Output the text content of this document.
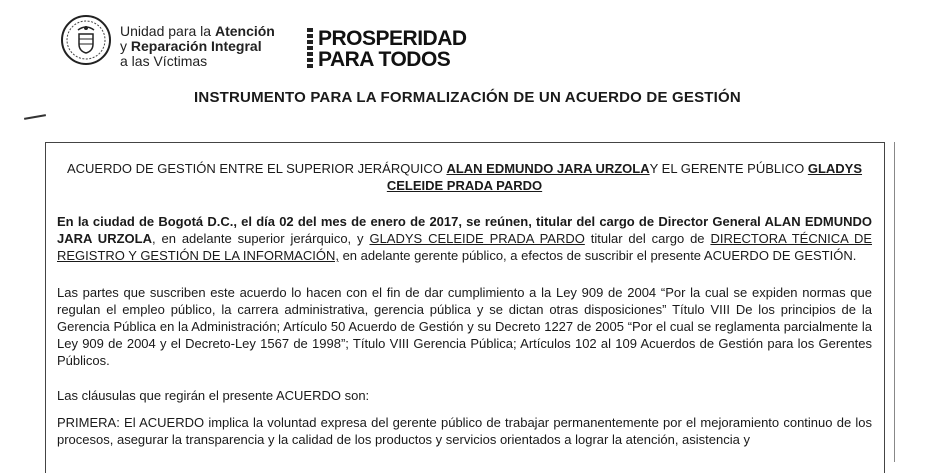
Unidad para la Atención
y Reparación Integral
a las Víctimas
PROSPERIDAD
PARA TODOS
INSTRUMENTO PARA LA FORMALIZACIÓN DE UN ACUERDO DE GESTIÓN
ACUERDO DE GESTIÓN ENTRE EL SUPERIOR JERÁRQUICO ALAN EDMUNDO JARA URZOLAY EL GERENTE PÚBLICO GLADYS CELEIDE PRADA PARDO
En la ciudad de Bogotá D.C., el día 02 del mes de enero de 2017, se reúnen, titular del cargo de Director General ALAN EDMUNDO JARA URZOLA, en adelante superior jerárquico, y GLADYS CELEIDE PRADA PARDO titular del cargo de DIRECTORA TÉCNICA DE REGISTRO Y GESTIÓN DE LA INFORMACIÓN, en adelante gerente público, a efectos de suscribir el presente ACUERDO DE GESTIÓN.
Las partes que suscriben este acuerdo lo hacen con el fin de dar cumplimiento a la Ley 909 de 2004 “Por la cual se expiden normas que regulan el empleo público, la carrera administrativa, gerencia pública y se dictan otras disposiciones” Título VIII De los principios de la Gerencia Pública en la Administración; Artículo 50 Acuerdo de Gestión y su Decreto 1227 de 2005 “Por el cual se reglamenta parcialmente la Ley 909 de 2004 y el Decreto-Ley 1567 de 1998”; Título VIII Gerencia Pública; Artículos 102 al 109 Acuerdos de Gestión para los Gerentes Públicos.
Las cláusulas que regirán el presente ACUERDO son:
PRIMERA: El ACUERDO implica la voluntad expresa del gerente público de trabajar permanentemente por el mejoramiento continuo de los procesos, asegurar la transparencia y la calidad de los productos y servicios orientados a lograr la atención, asistencia y
